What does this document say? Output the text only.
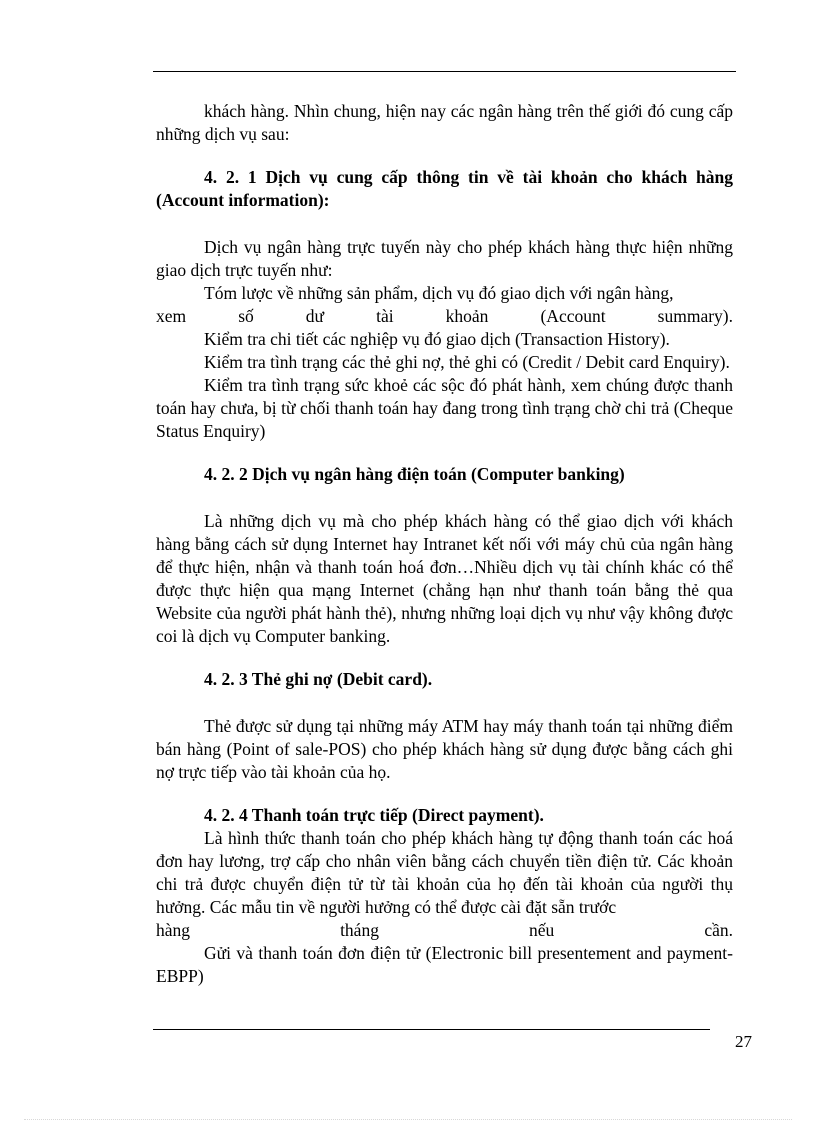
khách hàng. Nhìn chung, hiện nay các ngân hàng trên thế giới đó cung cấp những dịch vụ sau:

4. 2. 1 Dịch vụ cung cấp thông tin về tài khoản cho khách hàng (Account information):

Dịch vụ ngân hàng trực tuyến này cho phép khách hàng thực hiện những giao dịch trực tuyến như:

Tóm lược về những sản phẩm, dịch vụ đó giao dịch với ngân hàng,

xem số dư tài khoản (Account summary).

Kiểm tra chi tiết các nghiệp vụ đó giao dịch (Transaction History).

Kiểm tra tình trạng các thẻ ghi nợ, thẻ ghi có (Credit / Debit card Enquiry).

Kiểm tra tình trạng sức khoẻ các sộc đó phát hành, xem chúng được thanh toán hay chưa, bị từ chối thanh toán hay đang trong tình trạng chờ chi trả (Cheque Status Enquiry)

4. 2. 2 Dịch vụ ngân hàng điện toán (Computer banking)

Là những dịch vụ mà cho phép khách hàng có thể giao dịch với khách hàng bằng cách sử dụng Internet hay Intranet kết nối với máy chủ của ngân hàng để thực hiện, nhận và thanh toán hoá đơn…Nhiều dịch vụ tài chính khác có thể được thực hiện qua mạng Internet (chẳng hạn như thanh toán bằng thẻ qua Website của người phát hành thẻ), nhưng những loại dịch vụ như vậy không được coi là dịch vụ Computer banking.

4. 2. 3 Thẻ ghi nợ (Debit card).

Thẻ được sử dụng tại những máy ATM hay máy thanh toán tại những điểm bán hàng (Point of sale-POS) cho phép khách hàng sử dụng được bằng cách ghi nợ trực tiếp vào tài khoản của họ.

4. 2. 4 Thanh toán trực tiếp (Direct payment).

Là hình thức thanh toán cho phép khách hàng tự động thanh toán các hoá đơn hay lương, trợ cấp cho nhân viên bằng cách chuyển tiền điện tử. Các khoản chi trả được chuyển điện tử từ tài khoản của họ đến tài khoản của người thụ hưởng. Các mẫu tin về người hưởng có thể được cài đặt sẵn trước

hàng tháng nếu cần.

Gửi và thanh toán đơn điện tử (Electronic bill presentement and payment-EBPP)

27
